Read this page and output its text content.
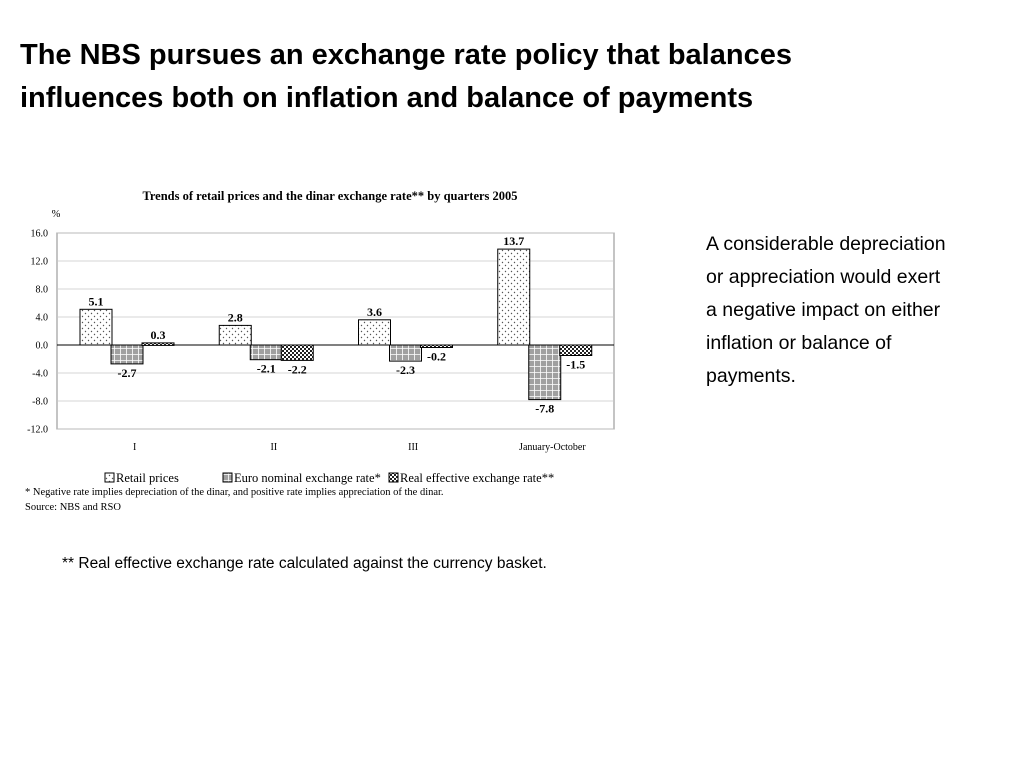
The NBS pursues an exchange rate policy that balances
influences both on inflation and balance of payments
Trends of retail prices and the dinar exchange rate** by quarters 2005
%
16.0
12.0
8.0
4.0
0.0
-4.0
-8.0
-12.0
5.1
-2.7
0.3
2.8
-2.1 -2.2
3.6
-2.3
-0.2
13.7
-7.8
-1.5
I	II	III	January-October
Retail prices	Euro nominal exchange rate* Real effective exchange rate**
* Negative rate implies depreciation of the dinar, and positive rate implies appreciation of the dinar.
Source: NBS and RSO
A considerable depreciation
or appreciation would exert
a negative impact on either
inflation or balance of
payments.
** Real effective exchange rate calculated against the currency basket.
